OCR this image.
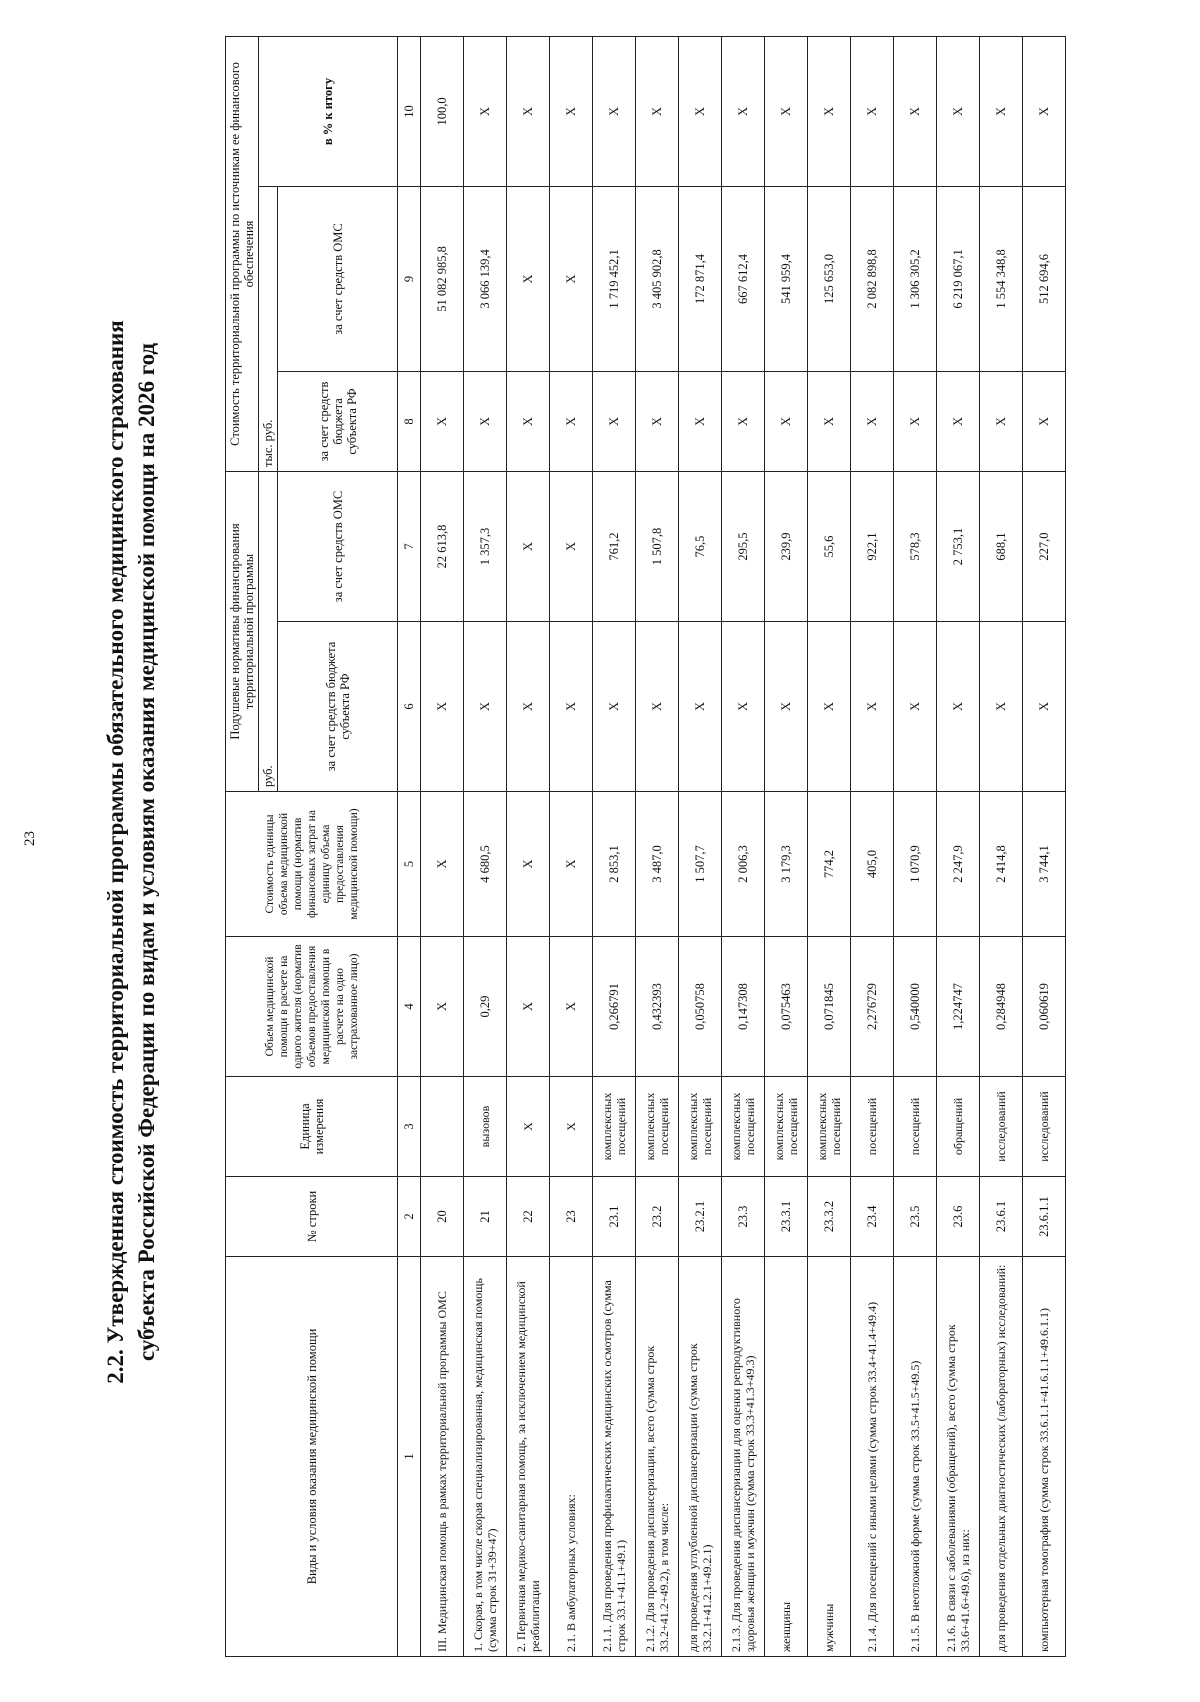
23	2.2. Утвержденная стоимость территориальной программы обязательного медицинского страхования субъекта Российской Федерации по видам и условиям оказания медицинской помощи на 2026 год
Виды и условия оказания медицинской помощи	№ строки	Единица измерения	Объем медицинской помощи в расчете на одного жителя (норматив объемов предоставления медицинской помощи в расчете на одно застрахованное лицо)	Стоимость единицы объема медицинской помощи (норматив финансовых затрат на единицу объема предоставления медицинской помощи)	Подушевые нормативы финансирования территориальной программы		Стоимость территориальной программы по источникам ее финансового обеспечения		
					руб.		тыс. руб.		в % к итогу
					за счет средств бюджета субъекта РФ	за счет средств ОМС	за счет средств бюджета субъекта РФ	за счет средств ОМС	
1	2	3	4	5	6	7	8	9	10
III. Медицинская помощь в рамках территориальной программы ОМС	20		X	X	X	22 613,8	X	51 082 985,8	100,0
1. Скорая, в том числе скорая специализированная, медицинская помощь (сумма строк 31+39+47)	21	вызовов	0,29	4 680,5	X	1 357,3	X	3 066 139,4	X
2. Первичная медико-санитарная помощь, за исключением медицинской реабилитации	22	X	X	X	X	X	X	X	X
2.1. В амбулаторных условиях:	23	X	X	X	X	X	X	X	X
2.1.1. Для проведения профилактических медицинских осмотров (сумма строк 33.1+41.1+49.1)	23.1	комплексных посещений	0,266791	2 853,1	X	761,2	X	1 719 452,1	X
2.1.2. Для проведения диспансеризации, всего (сумма строк 33.2+41.2+49.2), в том числе:	23.2	комплексных посещений	0,432393	3 487,0	X	1 507,8	X	3 405 902,8	X
для проведения углубленной диспансеризации (сумма строк 33.2.1+41.2.1+49.2.1)	23.2.1	комплексных посещений	0,050758	1 507,7	X	76,5	X	172 871,4	X
2.1.3. Для проведения диспансеризации для оценки репродуктивного здоровья женщин и мужчин (сумма строк 33.3+41.3+49.3)	23.3	комплексных посещений	0,147308	2 006,3	X	295,5	X	667 612,4	X
женщины	23.3.1	комплексных посещений	0,075463	3 179,3	X	239,9	X	541 959,4	X
мужчины	23.3.2	комплексных посещений	0,071845	774,2	X	55,6	X	125 653,0	X
2.1.4. Для посещений с иными целями (сумма строк 33.4+41.4+49.4)	23.4	посещений	2,276729	405,0	X	922,1	X	2 082 898,8	X
2.1.5. В неотложной форме (сумма строк 33.5+41.5+49.5)	23.5	посещений	0,540000	1 070,9	X	578,3	X	1 306 305,2	X
2.1.6. В связи с заболеваниями (обращений), всего (сумма строк 33.6+41.6+49.6), из них:	23.6	обращений	1,224747	2 247,9	X	2 753,1	X	6 219 067,1	X
для проведения отдельных диагностических (лабораторных) исследований:	23.6.1	исследований	0,284948	2 414,8	X	688,1	X	1 554 348,8	X
компьютерная томография (сумма строк 33.6.1.1+41.6.1.1+49.6.1.1)	23.6.1.1	исследований	0,060619	3 744,1	X	227,0	X	512 694,6	X
